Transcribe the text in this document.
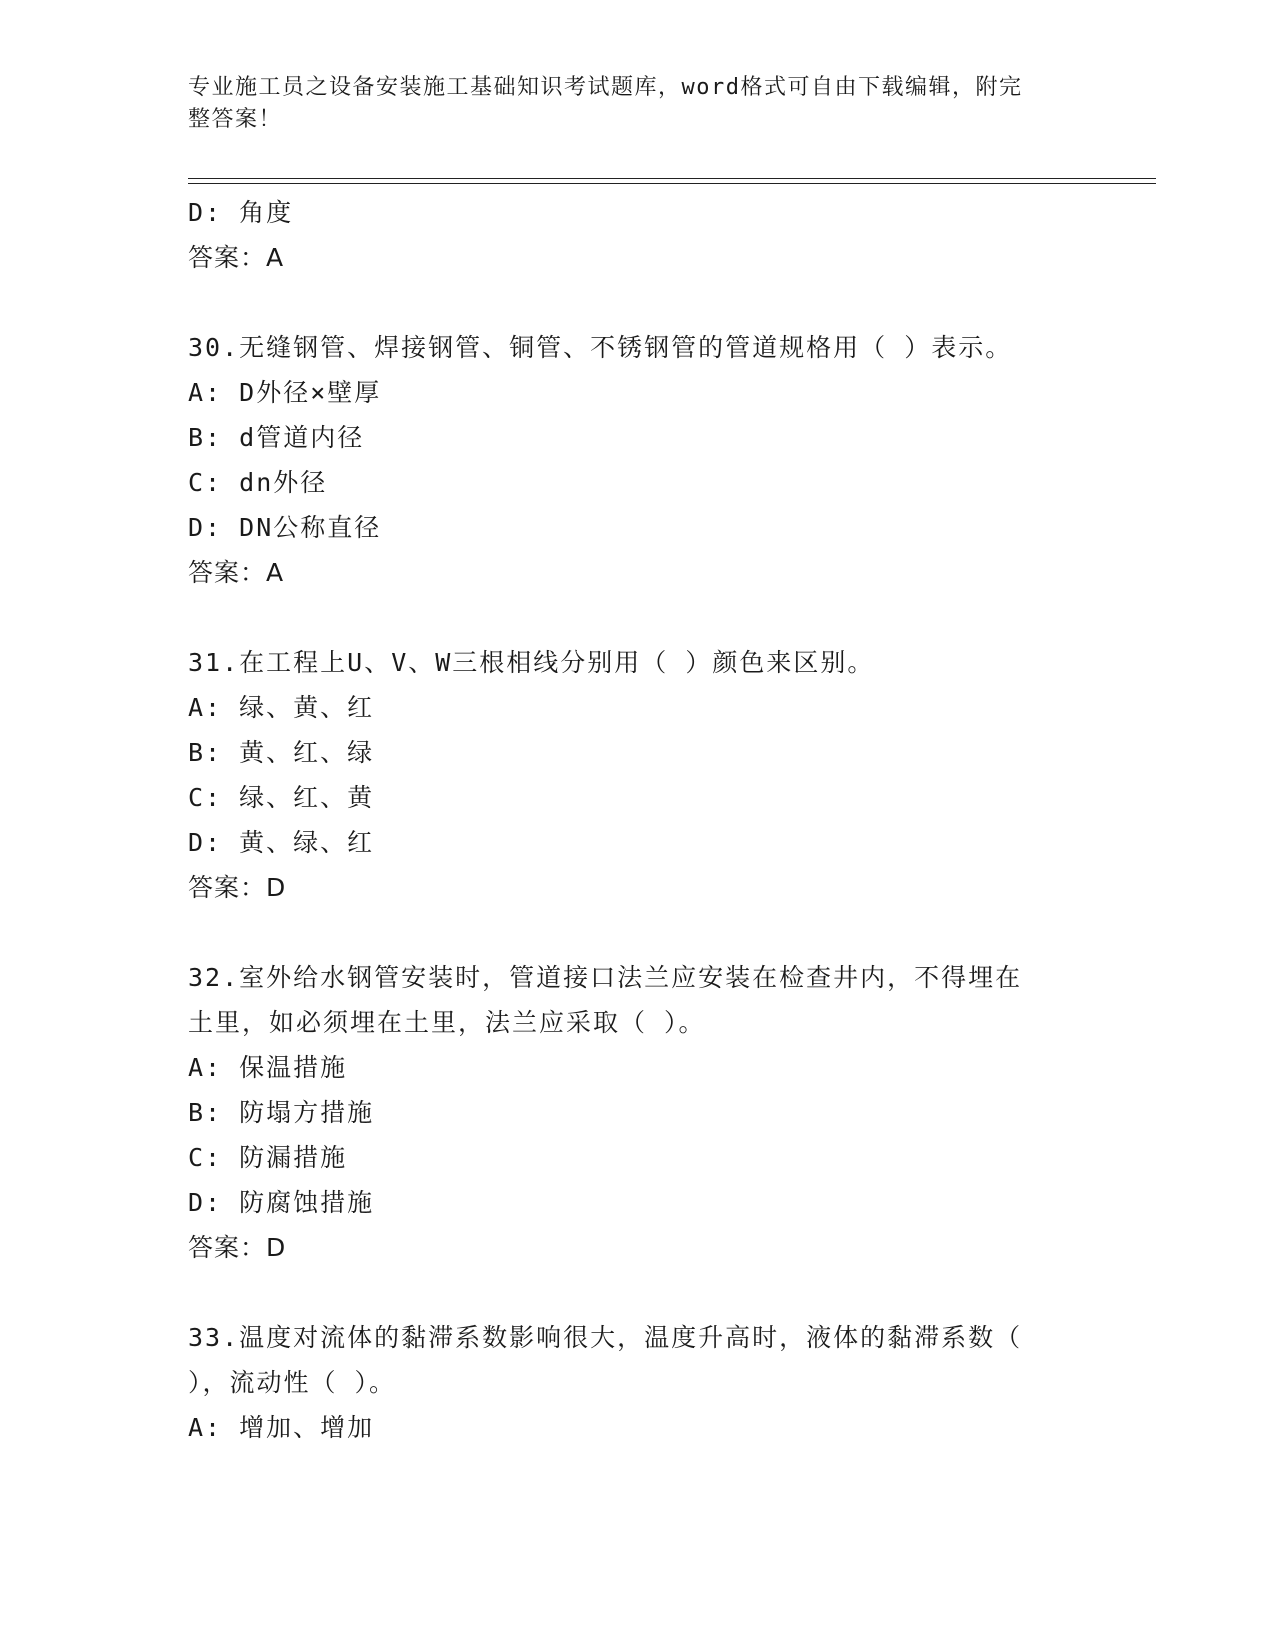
专业施工员之设备安装施工基础知识考试题库，word格式可自由下载编辑，附完
整答案！
D: 角度
答案：A
30.无缝钢管、焊接钢管、铜管、不锈钢管的管道规格用（ ）表示。
A: D外径×壁厚
B: d管道内径
C: dn外径
D: DN公称直径
答案：A
31.在工程上U、V、W三根相线分别用（ ）颜色来区别。
A: 绿、黄、红
B: 黄、红、绿
C: 绿、红、黄
D: 黄、绿、红
答案：D
32.室外给水钢管安装时，管道接口法兰应安装在检查井内，不得埋在
土里，如必须埋在土里，法兰应采取（ ）。
A: 保温措施
B: 防塌方措施
C: 防漏措施
D: 防腐蚀措施
答案：D
33.温度对流体的黏滞系数影响很大，温度升高时，液体的黏滞系数（
），流动性（ ）。
A: 增加、增加
